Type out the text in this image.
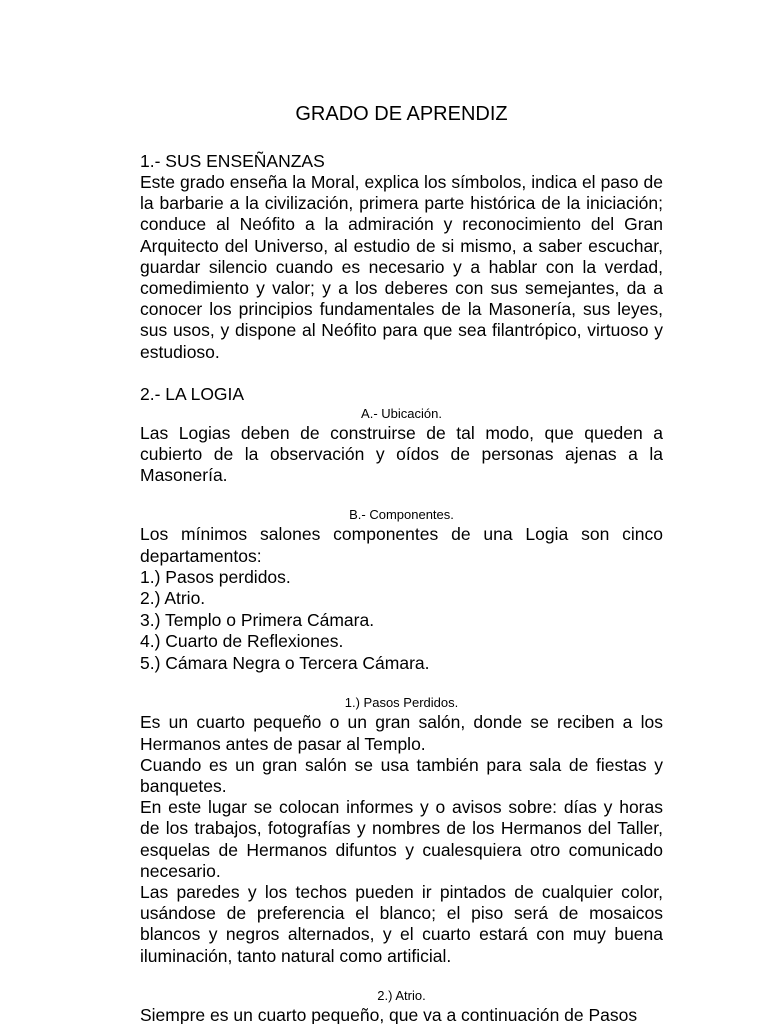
GRADO DE APRENDIZ
1.- SUS ENSEÑANZAS
Este grado enseña la Moral, explica los símbolos, indica el paso de la barbarie a la civilización, primera parte histórica de la iniciación; conduce al Neófito a la admiración y reconocimiento del Gran Arquitecto del Universo, al estudio de si mismo, a saber escuchar, guardar silencio cuando es necesario y a hablar con la verdad, comedimiento y valor; y a los deberes con sus semejantes, da a conocer los principios fundamentales de la Masonería, sus leyes, sus usos, y dispone al Neófito para que sea filantrópico, virtuoso y estudioso.
2.- LA LOGIA
A.- Ubicación.
Las Logias deben de construirse de tal modo, que queden a cubierto de la observación y oídos de personas ajenas a la Masonería.
B.- Componentes.
Los mínimos salones componentes de una Logia son cinco departamentos:
1.) Pasos perdidos.
2.) Atrio.
3.) Templo o Primera Cámara.
4.) Cuarto de Reflexiones.
5.) Cámara Negra o Tercera Cámara.
1.) Pasos Perdidos.
Es un cuarto pequeño o un gran salón, donde se reciben a los Hermanos antes de pasar al Templo.
Cuando es un gran salón se usa también para sala de fiestas y banquetes.
En este lugar se colocan informes y o avisos sobre: días y horas de los trabajos, fotografías y nombres de los Hermanos del Taller, esquelas de Hermanos difuntos y cualesquiera otro comunicado necesario.
Las paredes y los techos pueden ir pintados de cualquier color, usándose de preferencia el blanco; el piso será de mosaicos blancos y negros alternados, y el cuarto estará con muy buena iluminación, tanto natural como artificial.
2.) Atrio.
Siempre es un cuarto pequeño, que va a continuación de Pasos
